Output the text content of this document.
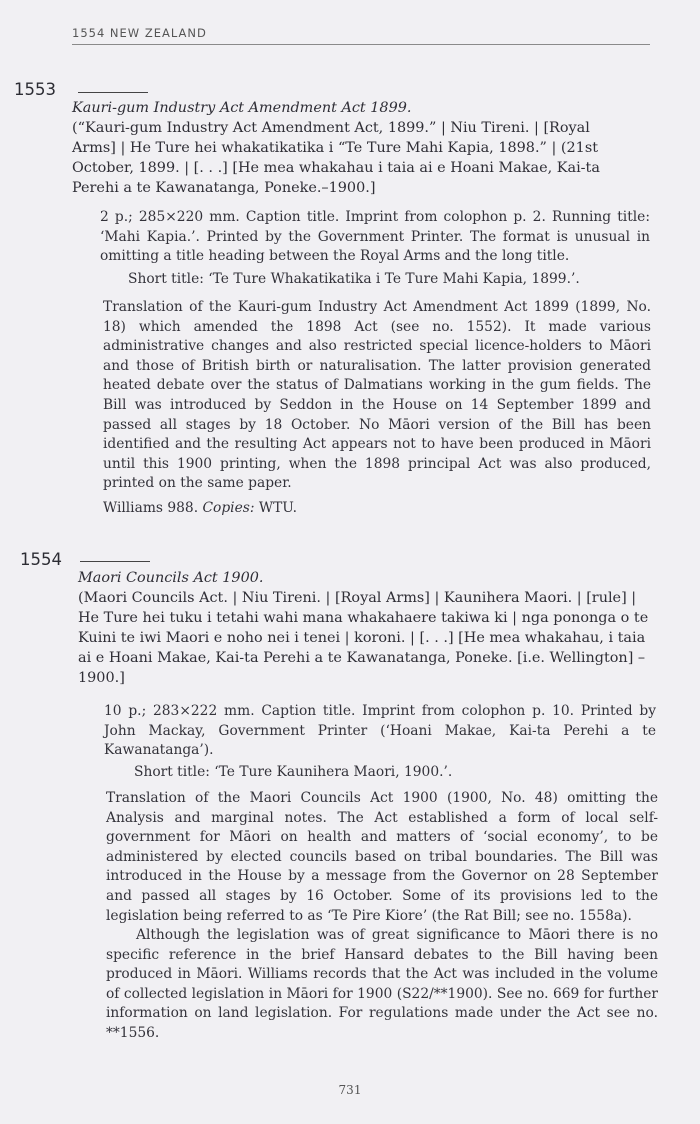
1554 NEW ZEALAND
1553
Kauri-gum Industry Act Amendment Act 1899.
(“Kauri-gum Industry Act Amendment Act, 1899.” | Niu Tireni. | [Royal Arms] | He Ture hei whakatikatika i “Te Ture Mahi Kapia, 1898.” | (21st October, 1899. | [. . .] [He mea whakahau i taia ai e Hoani Makae, Kai-ta Perehi a te Kawanatanga, Poneke.–1900.]
2 p.; 285×220 mm. Caption title. Imprint from colophon p. 2. Running title: ‘Mahi Kapia.’. Printed by the Government Printer. The format is unusual in omitting a title heading between the Royal Arms and the long title.
Short title: ‘Te Ture Whakatikatika i Te Ture Mahi Kapia, 1899.’.
Translation of the Kauri-gum Industry Act Amendment Act 1899 (1899, No. 18) which amended the 1898 Act (see no. 1552). It made various administrative changes and also restricted special licence-holders to Māori and those of British birth or naturalisation. The latter provision generated heated debate over the status of Dalmatians working in the gum fields. The Bill was introduced by Seddon in the House on 14 September 1899 and passed all stages by 18 October. No Māori version of the Bill has been identified and the resulting Act appears not to have been produced in Māori until this 1900 printing, when the 1898 principal Act was also produced, printed on the same paper.
Williams 988. Copies: WTU.
1554
Maori Councils Act 1900.
(Maori Councils Act. | Niu Tireni. | [Royal Arms] | Kaunihera Maori. | [rule] | He Ture hei tuku i tetahi wahi mana whakahaere takiwa ki | nga pononga o te Kuini te iwi Maori e noho nei i tenei | koroni. | [. . .] [He mea whakahau, i taia ai e Hoani Makae, Kai-ta Perehi a te Kawanatanga, Poneke. [i.e. Wellington] –1900.]
10 p.; 283×222 mm. Caption title. Imprint from colophon p. 10. Printed by John Mackay, Government Printer (‘Hoani Makae, Kai-ta Perehi a te Kawanatanga’).
Short title: ‘Te Ture Kaunihera Maori, 1900.’.
Translation of the Maori Councils Act 1900 (1900, No. 48) omitting the Analysis and marginal notes. The Act established a form of local self-government for Māori on health and matters of ‘social economy’, to be administered by elected councils based on tribal boundaries. The Bill was introduced in the House by a message from the Governor on 28 September and passed all stages by 16 October. Some of its provisions led to the legislation being referred to as ‘Te Pire Kiore’ (the Rat Bill; see no. 1558a).
Although the legislation was of great significance to Māori there is no specific reference in the brief Hansard debates to the Bill having been produced in Māori. Williams records that the Act was included in the volume of collected legislation in Māori for 1900 (S22/**1900). See no. 669 for further information on land legislation. For regulations made under the Act see no. **1556.
731
